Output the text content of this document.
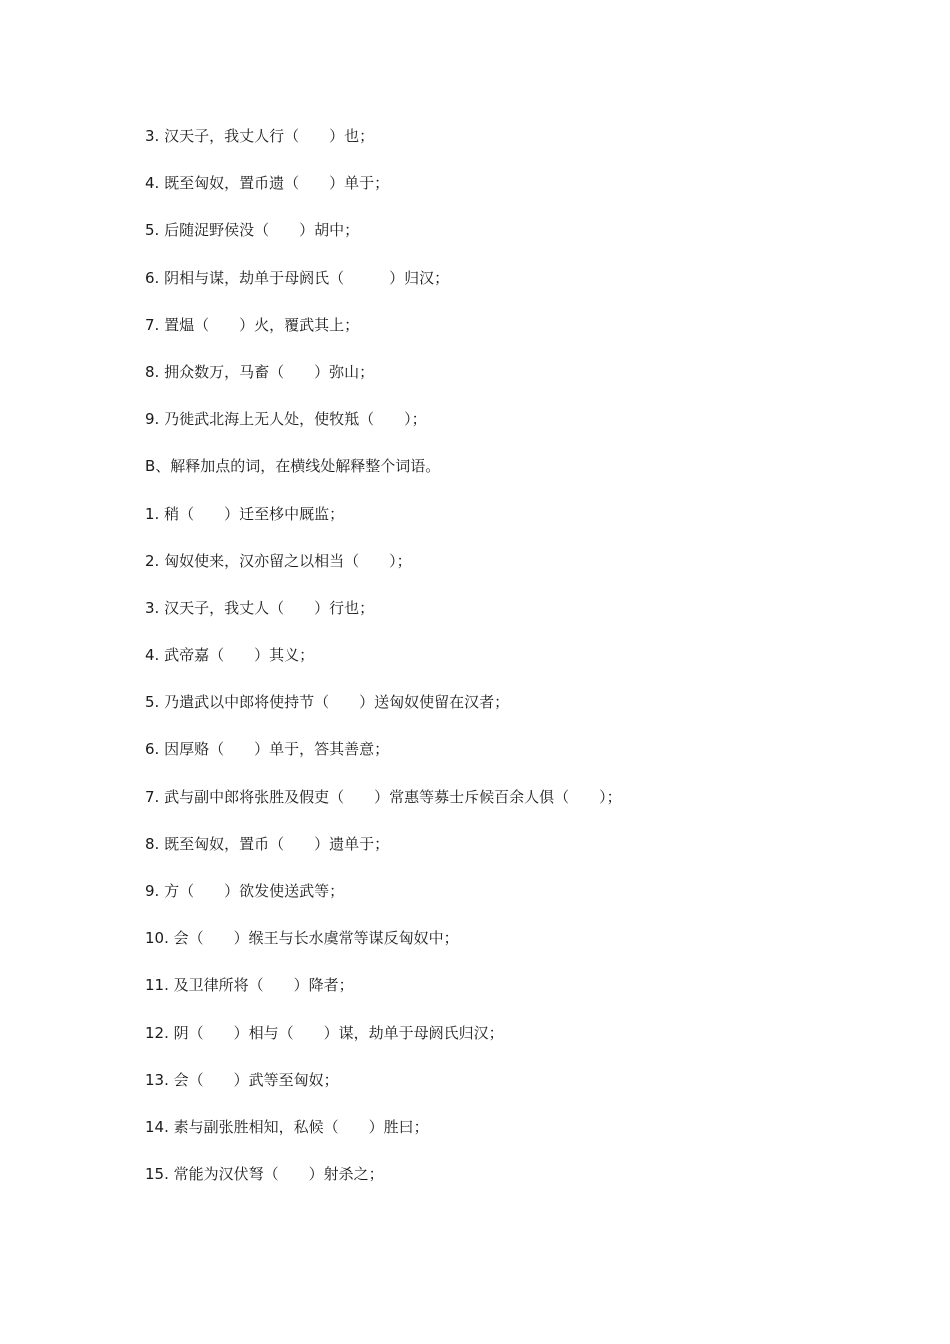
3. 汉天子，我丈人行（　　）也；
4. 既至匈奴，置币遗（　　）单于；
5. 后随浞野侯没（　　）胡中；
6. 阴相与谋，劫单于母阏氏（　　　）归汉；
7. 置煴（　　）火，覆武其上；
8. 拥众数万，马畜（　　）弥山；
9. 乃徙武北海上无人处，使牧羝（　　）；
B、解释加点的词，在横线处解释整个词语。
1. 稍（　　）迁至栘中厩监；
2. 匈奴使来，汉亦留之以相当（　　）；
3. 汉天子，我丈人（　　）行也；
4. 武帝嘉（　　）其义；
5. 乃遣武以中郎将使持节（　　）送匈奴使留在汉者；
6. 因厚赂（　　）单于，答其善意；
7. 武与副中郎将张胜及假吏（　　）常惠等募士斥候百余人俱（　　）；
8. 既至匈奴，置币（　　）遗单于；
9. 方（　　）欲发使送武等；
10. 会（　　）缑王与长水虞常等谋反匈奴中；
11. 及卫律所将（　　）降者；
12. 阴（　　）相与（　　）谋，劫单于母阏氏归汉；
13. 会（　　）武等至匈奴；
14. 素与副张胜相知，私候（　　）胜曰；
15. 常能为汉伏弩（　　）射杀之；
